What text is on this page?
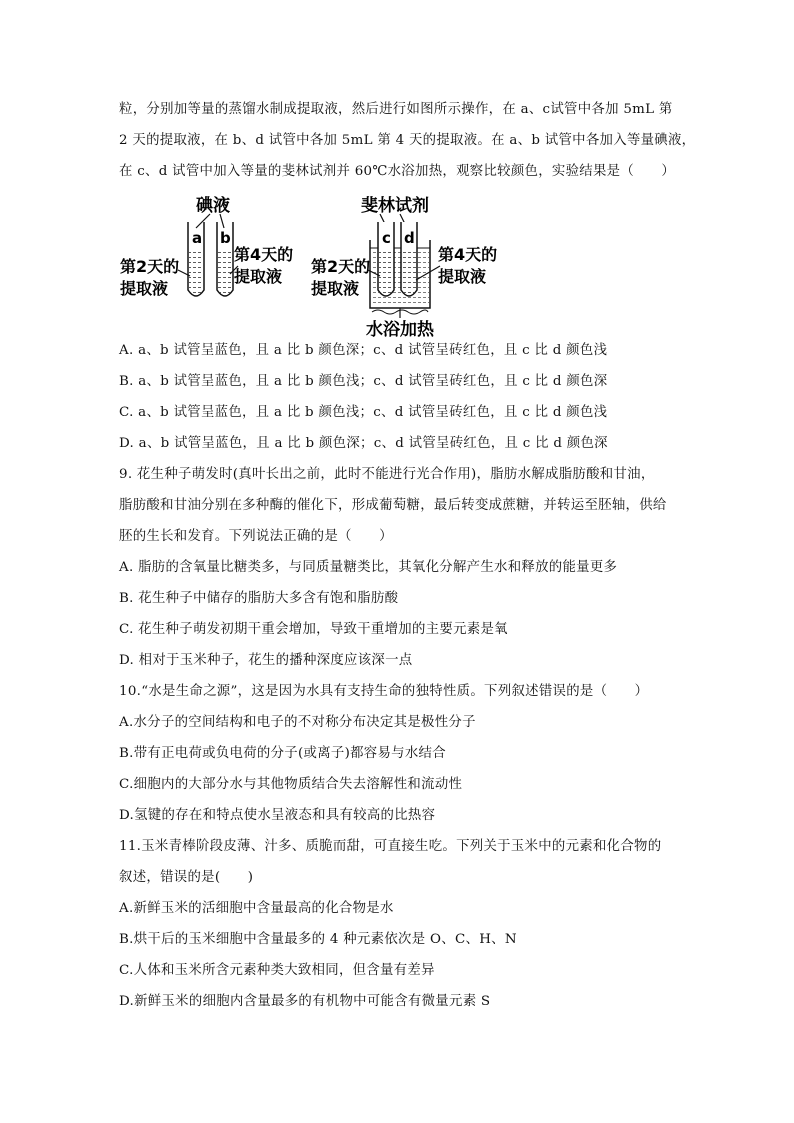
粒，分别加等量的蒸馏水制成提取液，然后进行如图所示操作，在 a、c试管中各加 5mL 第
2 天的提取液，在 b、d 试管中各加 5mL 第 4 天的提取液。在 a、b 试管中各加入等量碘液，
在 c、d 试管中加入等量的斐林试剂并 60℃水浴加热，观察比较颜色，实验结果是（　　）
碘液
a b
第2天的
提取液
第4天的
提取液
斐林试剂
c d
第2天的
提取液
第4天的
提取液
水浴加热
A. a、b 试管呈蓝色，且 a 比 b 颜色深；c、d 试管呈砖红色，且 c 比 d 颜色浅
B. a、b 试管呈蓝色，且 a 比 b 颜色浅；c、d 试管呈砖红色，且 c 比 d 颜色深
C. a、b 试管呈蓝色，且 a 比 b 颜色浅；c、d 试管呈砖红色，且 c 比 d 颜色浅
D. a、b 试管呈蓝色，且 a 比 b 颜色深；c、d 试管呈砖红色，且 c 比 d 颜色深
9. 花生种子萌发时(真叶长出之前，此时不能进行光合作用)，脂肪水解成脂肪酸和甘油，
脂肪酸和甘油分别在多种酶的催化下，形成葡萄糖，最后转变成蔗糖，并转运至胚轴，供给
胚的生长和发育。下列说法正确的是（　　）
A. 脂肪的含氧量比糖类多，与同质量糖类比，其氧化分解产生水和释放的能量更多
B. 花生种子中储存的脂肪大多含有饱和脂肪酸
C. 花生种子萌发初期干重会增加，导致干重增加的主要元素是氧
D. 相对于玉米种子，花生的播种深度应该深一点
10.“水是生命之源”，这是因为水具有支持生命的独特性质。下列叙述错误的是（　　）
A.水分子的空间结构和电子的不对称分布决定其是极性分子
B.带有正电荷或负电荷的分子(或离子)都容易与水结合
C.细胞内的大部分水与其他物质结合失去溶解性和流动性
D.氢键的存在和特点使水呈液态和具有较高的比热容
11.玉米青棒阶段皮薄、汁多、质脆而甜，可直接生吃。下列关于玉米中的元素和化合物的
叙述，错误的是(　　)
A.新鲜玉米的活细胞中含量最高的化合物是水
B.烘干后的玉米细胞中含量最多的 4 种元素依次是 O、C、H、N
C.人体和玉米所含元素种类大致相同，但含量有差异
D.新鲜玉米的细胞内含量最多的有机物中可能含有微量元素 S
